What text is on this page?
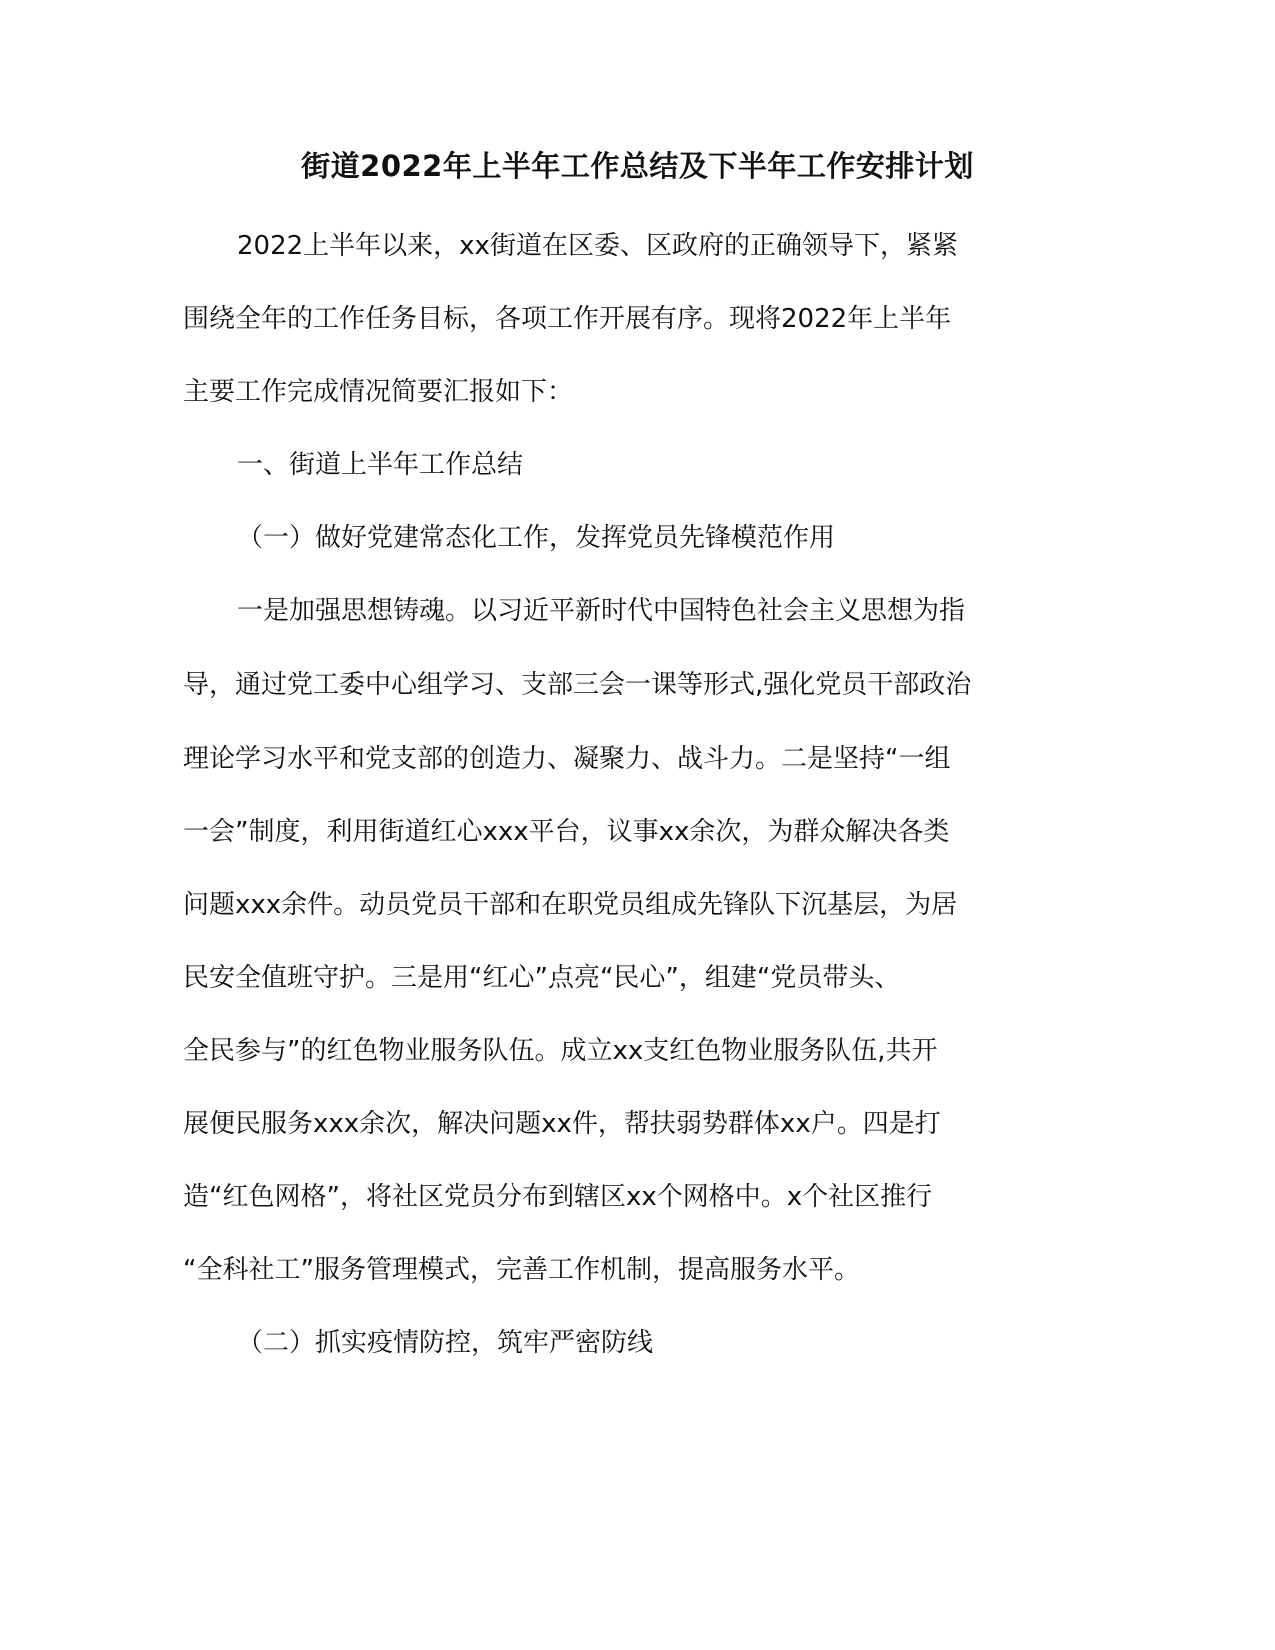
街道2022年上半年工作总结及下半年工作安排计划
2022上半年以来，xx街道在区委、区政府的正确领导下，紧紧
围绕全年的工作任务目标，各项工作开展有序。现将2022年上半年
主要工作完成情况简要汇报如下：
一、街道上半年工作总结
（一）做好党建常态化工作，发挥党员先锋模范作用
一是加强思想铸魂。以习近平新时代中国特色社会主义思想为指
导，通过党工委中心组学习、支部三会一课等形式,强化党员干部政治
理论学习水平和党支部的创造力、凝聚力、战斗力。二是坚持“一组
一会”制度，利用街道红心xxx平台，议事xx余次，为群众解决各类
问题xxx余件。动员党员干部和在职党员组成先锋队下沉基层，为居
民安全值班守护。三是用“红心”点亮“民心”，组建“党员带头、
全民参与”的红色物业服务队伍。成立xx支红色物业服务队伍,共开
展便民服务xxx余次，解决问题xx件，帮扶弱势群体xx户。四是打
造“红色网格”，将社区党员分布到辖区xx个网格中。x个社区推行
“全科社工”服务管理模式，完善工作机制，提高服务水平。
（二）抓实疫情防控，筑牢严密防线
